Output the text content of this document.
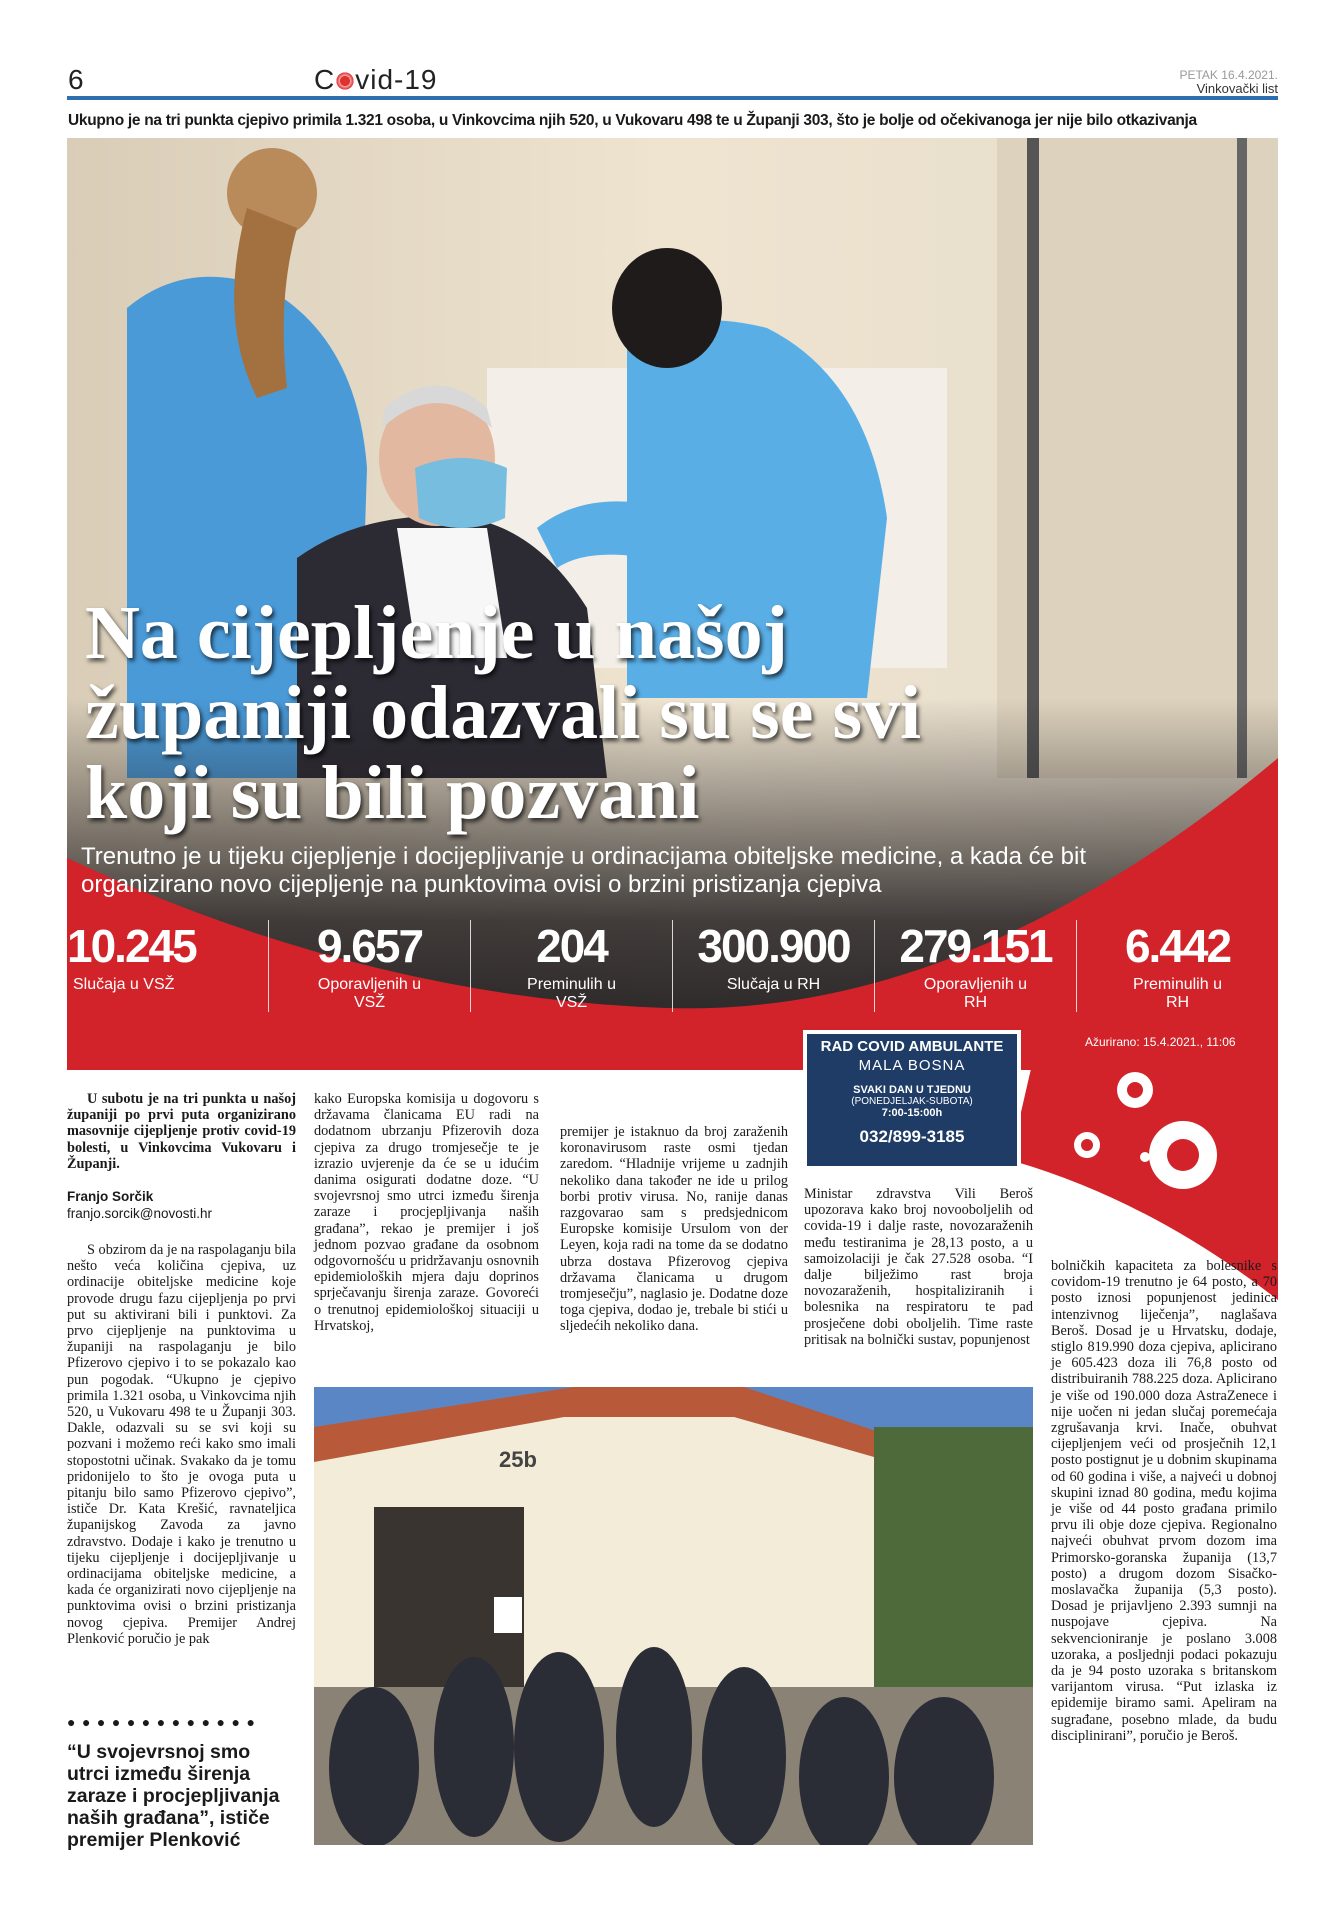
6	C vid-19	PETAK 16.4.2021.
Vinkovački list
Ukupno je na tri punkta cjepivo primila 1.321 osoba, u Vinkovcima njih 520, u Vukovaru 498 te u Županji 303, što je bolje od očekivanoga jer nije bilo otkazivanja
Na cijepljenje u našoj županiji odazvali su se svi koji su bili pozvani
Trenutno je u tijeku cijepljenje i docijepljivanje u ordinacijama obiteljske medicine, a kada će bit organizirano novo cijepljenje na punktovima ovisi o brzini pristizanja cjepiva
10.245
Slučaja u VSŽ
9.657
Oporavljenih u VSŽ
204
Preminulih u VSŽ
300.900
Slučaja u RH
279.151
Oporavljenih u RH
6.442
Preminulih u RH
Ažurirano: 15.4.2021., 11:06
RAD COVID AMBULANTE
MALA BOSNA
SVAKI DAN U TJEDNU
(PONEDJELJAK-SUBOTA)
7:00-15:00h
032/899-3185
U subotu je na tri punkta u našoj županiji po prvi puta organizirano masovnije cijepljenje protiv covid-19 bolesti, u Vinkovcima Vukovaru i Županji.
Franjo Sorčik
franjo.sorcik@novosti.hr

S obzirom da je na raspolaganju bila nešto veća količina cjepiva, uz ordinacije obiteljske medicine koje provode drugu fazu cijepljenja po prvi put su aktivirani bili i punktovi. Za prvo cijepljenje na punktovima u županiji na raspolaganju je bilo Pfizerovo cjepivo i to se pokazalo kao pun pogodak. “Ukupno je cjepivo primila 1.321 osoba, u Vinkovcima njih 520, u Vukovaru 498 te u Županji 303. Dakle, odazvali su se svi koji su pozvani i možemo reći kako smo imali stopostotni učinak. Svakako da je tomu pridonijelo to što je ovoga puta u pitanju bilo samo Pfizerovo cjepivo”, ističe Dr. Kata Krešić, ravnateljica županijskog Zavoda za javno zdravstvo. Dodaje i kako je trenutno u tijeku cijepljenje i docijepljivanje u ordinacijama obiteljske medicine, a kada će organizirati novo cijepljenje na punktovima ovisi o brzini pristizanja novog cjepiva. Premijer Andrej Plenković poručio je pak

●●●●●●●●●●●●●
“U svojevrsnoj smo utrci između širenja zaraze i procjepljivanja naših građana”, ističe premijer Plenković
kako Europska komisija u dogovoru s državama članicama EU radi na dodatnom ubrzanju Pfizerovih doza cjepiva za drugo tromjesečje te je izrazio uvjerenje da će se u idućim danima osigurati dodatne doze. “U svojevrsnoj smo utrci između širenja zaraze i procjepljivanja naših građana”, rekao je premijer i još jednom pozvao građane da osobnom odgovornošću u pridržavanju osnovnih epidemioloških mjera daju doprinos sprječavanju širenja zaraze. Govoreći o trenutnoj epidemiološkoj situaciji u Hrvatskoj,
premijer je istaknuo da broj zaraženih koronavirusom raste osmi tjedan zaredom. “Hladnije vrijeme u zadnjih nekoliko dana također ne ide u prilog borbi protiv virusa. No, ranije danas razgovarao sam s predsjednicom Europske komisije Ursulom von der Leyen, koja radi na tome da se dodatno ubrza dostava Pfizerovog cjepiva državama članicama u drugom tromjesečju”, naglasio je. Dodatne doze toga cjepiva, dodao je, trebale bi stići u sljedećih nekoliko dana.
Ministar zdravstva Vili Beroš upozorava kako broj novooboljelih od covida-19 i dalje raste, novozaraženih među testiranima je 28,13 posto, a u samoizolaciji je čak 27.528 osoba. “I dalje bilježimo rast broja novozaraženih, hospitaliziranih i bolesnika na respiratoru te pad prosječene dobi oboljelih. Time raste pritisak na bolnički sustav, popunjenost
bolničkih kapaciteta za bolesnike s covidom-19 trenutno je 64 posto, a 70 posto iznosi popunjenost jedinica intenzivnog liječenja”, naglašava Beroš. Dosad je u Hrvatsku, dodaje, stiglo 819.990 doza cjepiva, aplicirano je 605.423 doza ili 76,8 posto od distribuiranih 788.225 doza. Aplicirano je više od 190.000 doza AstraZenece i nije uočen ni jedan slučaj poremećaja zgrušavanja krvi. Inače, obuhvat cijepljenjem veći od prosječnih 12,1 posto postignut je u dobnim skupinama od 60 godina i više, a najveći u dobnoj skupini iznad 80 godina, među kojima je više od 44 posto građana primilo prvu ili obje doze cjepiva. Regionalno najveći obuhvat prvom dozom ima Primorsko-goranska županija (13,7 posto) a drugom dozom Sisačko-moslavačka županija (5,3 posto). Dosad je prijavljeno 2.393 sumnji na nuspojave cjepiva. Na sekvencioniranje je poslano 3.008 uzoraka, a posljednji podaci pokazuju da je 94 posto uzoraka s britanskom varijantom virusa. “Put izlaska iz epidemije biramo sami. Apeliram na sugrađane, posebno mlade, da budu disciplinirani”, poručio je Beroš.
25b
